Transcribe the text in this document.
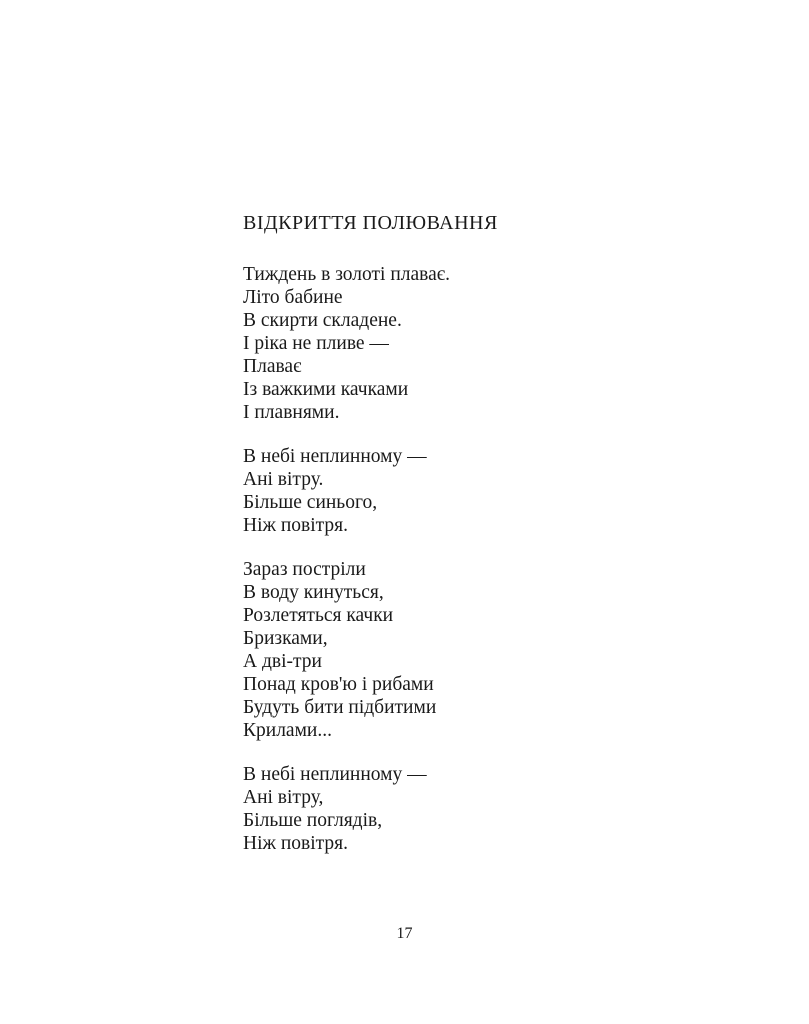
ВІДКРИТТЯ ПОЛЮВАННЯ
Тиждень в золоті плаває.
Літо бабине
В скирти складене.
І ріка не пливе —
Плаває
Із важкими качками
І плавнями.
В небі неплинному —
Ані вітру.
Більше синього,
Ніж повітря.
Зараз постріли
В воду кинуться,
Розлетяться качки
Бризками,
А дві-три
Понад кров'ю і рибами
Будуть бити підбитими
Крилами...
В небі неплинному —
Ані вітру,
Більше поглядів,
Ніж повітря.
17
